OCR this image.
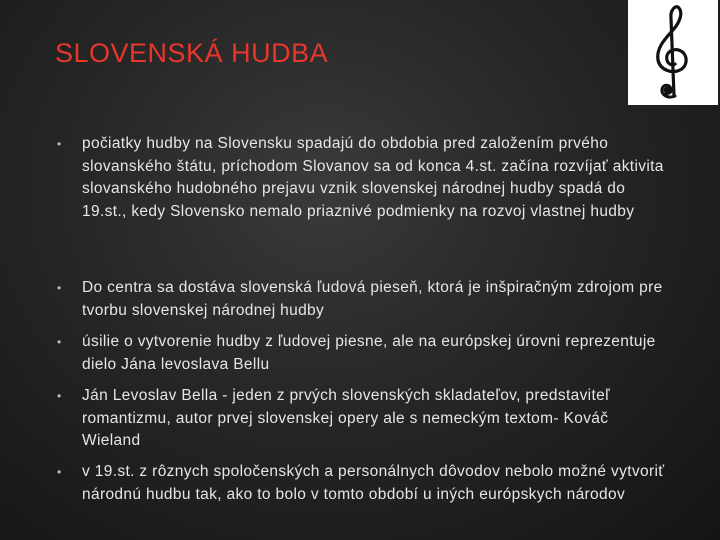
SLOVENSKÁ HUDBA
• počiatky hudby na Slovensku spadajú do obdobia pred založením prvého slovanského štátu, príchodom Slovanov sa od konca 4.st. začína rozvíjať aktivita slovanského hudobného prejavu vznik slovenskej národnej hudby spadá do 19.st., kedy Slovensko nemalo priaznivé podmienky na rozvoj vlastnej hudby
• Do centra sa dostáva slovenská ľudová pieseň, ktorá je inšpiračným zdrojom pre tvorbu slovenskej národnej hudby
• úsilie o vytvorenie hudby z ľudovej piesne, ale na európskej úrovni reprezentuje dielo Jána levoslava Bellu
• Ján Levoslav Bella - jeden z prvých slovenských skladateľov, predstaviteľ romantizmu, autor prvej slovenskej opery ale s nemeckým textom- Kováč Wieland
• v 19.st. z rôznych spoločenských a personálnych dôvodov nebolo možné vytvoriť národnú hudbu tak, ako to bolo v tomto období u iných európskych národov
